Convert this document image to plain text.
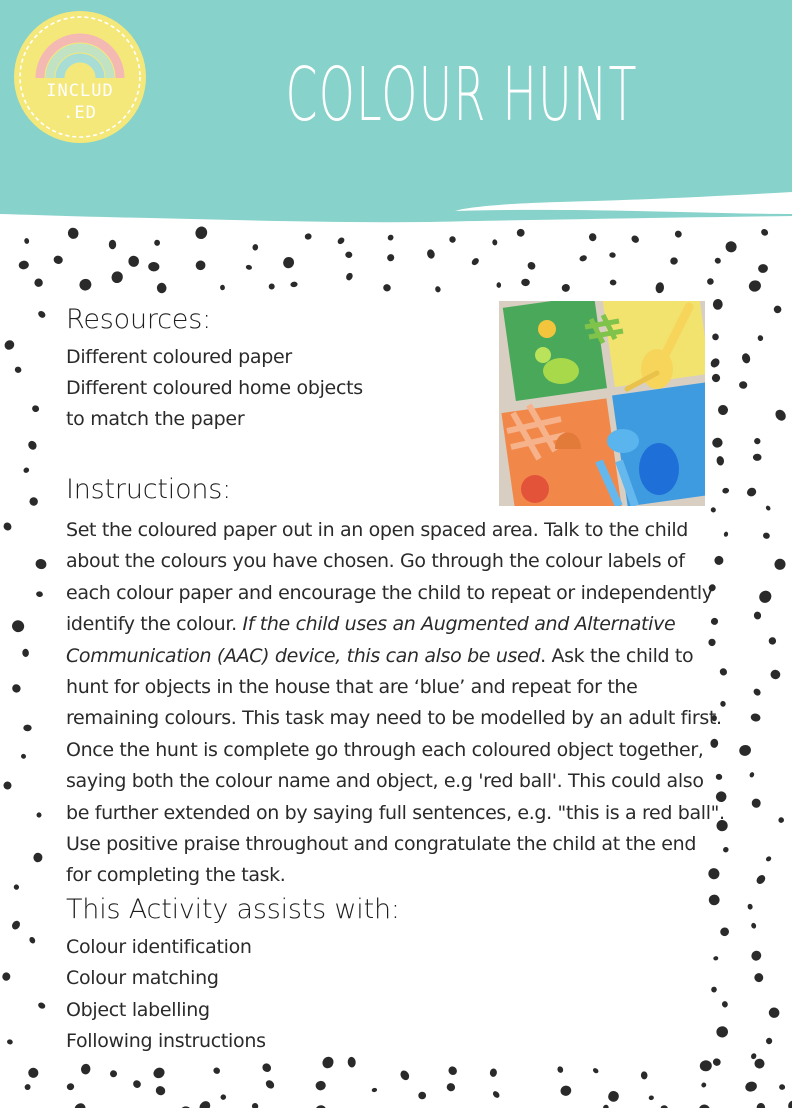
INCLUD
.ED	COLOUR HUNT
Resources:
Different coloured paper
Different coloured home objects
to match the paper
Instructions:
Set the coloured paper out in an open spaced area. Talk to the child about the colours you have chosen. Go through the colour labels of each colour paper and encourage the child to repeat or independently identify the colour. If the child uses an Augmented and Alternative Communication (AAC) device, this can also be used. Ask the child to hunt for objects in the house that are ‘blue’ and repeat for the remaining colours. This task may need to be modelled by an adult first. Once the hunt is complete go through each coloured object together, saying both the colour name and object, e.g 'red ball'. This could also be further extended on by saying full sentences, e.g. "this is a red ball". Use positive praise throughout and congratulate the child at the end for completing the task.
This Activity assists with:
Colour identification
Colour matching
Object labelling
Following instructions
